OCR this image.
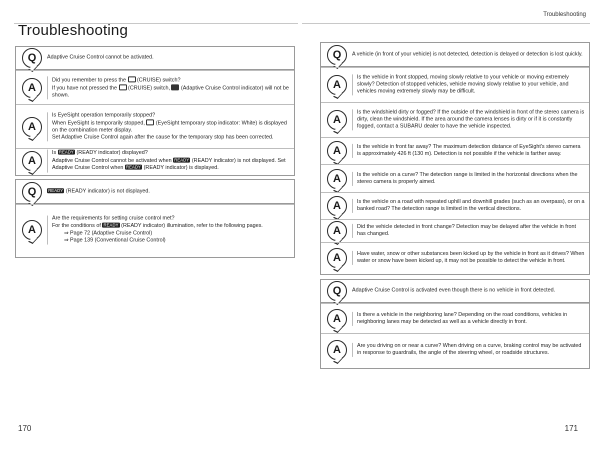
Troubleshooting
Q	Adaptive Cruise Control cannot be activated.
A
Did you remember to press the (CRUISE) switch?
If you have not pressed the (CRUISE) switch, (Adaptive Cruise Control indicator) will not be shown.
A
Is EyeSight operation temporarily stopped?
When EyeSight is temporarily stopped, (EyeSight temporary stop indicator: White) is displayed on the combination meter display.
Set Adaptive Cruise Control again after the cause for the temporary stop has been corrected.
A
Is READY (READY indicator) displayed?
Adaptive Cruise Control cannot be activated when READY (READY indicator) is not displayed. Set Adaptive Cruise Control when READY (READY indicator) is displayed.
Q	READY (READY indicator) is not displayed.
A
Are the requirements for setting cruise control met?
For the conditions of READY (READY indicator) illumination, refer to the following pages.
⇒ Page 72 (Adaptive Cruise Control)
⇒ Page 139 (Conventional Cruise Control)
170
Troubleshooting
Q	A vehicle (in front of your vehicle) is not detected, detection is delayed or detection is lost quickly.
A
Is the vehicle in front stopped, moving slowly relative to your vehicle or moving extremely slowly? Detection of stopped vehicles, vehicle moving slowly relative to your vehicle, and vehicles moving extremely slowly may be difficult.
A
Is the windshield dirty or fogged? If the outside of the windshield in front of the stereo camera is dirty, clean the windshield. If the area around the camera lenses is dirty or if it is constantly fogged, contact a SUBARU dealer to have the vehicle inspected.
A	Is the vehicle in front far away? The maximum detection distance of EyeSight's stereo camera is approximately 426 ft (130 m). Detection is not possible if the vehicle is farther away.
A	Is the vehicle on a curve? The detection range is limited in the horizontal directions when the stereo camera is properly aimed.
A	Is the vehicle on a road with repeated uphill and downhill grades (such as an overpass), or on a banked road? The detection range is limited in the vertical directions.
A	Did the vehicle detected in front change? Detection may be delayed after the vehicle in front has changed.
A	Have water, snow or other substances been kicked up by the vehicle in front as it drives? When water or snow have been kicked up, it may not be possible to detect the vehicle in front.
Q	Adaptive Cruise Control is activated even though there is no vehicle in front detected.
A	Is there a vehicle in the neighboring lane? Depending on the road conditions, vehicles in neighboring lanes may be detected as well as a vehicle directly in front.
A	Are you driving on or near a curve? When driving on a curve, braking control may be activated in response to guardrails, the angle of the steering wheel, or roadside structures.
171
